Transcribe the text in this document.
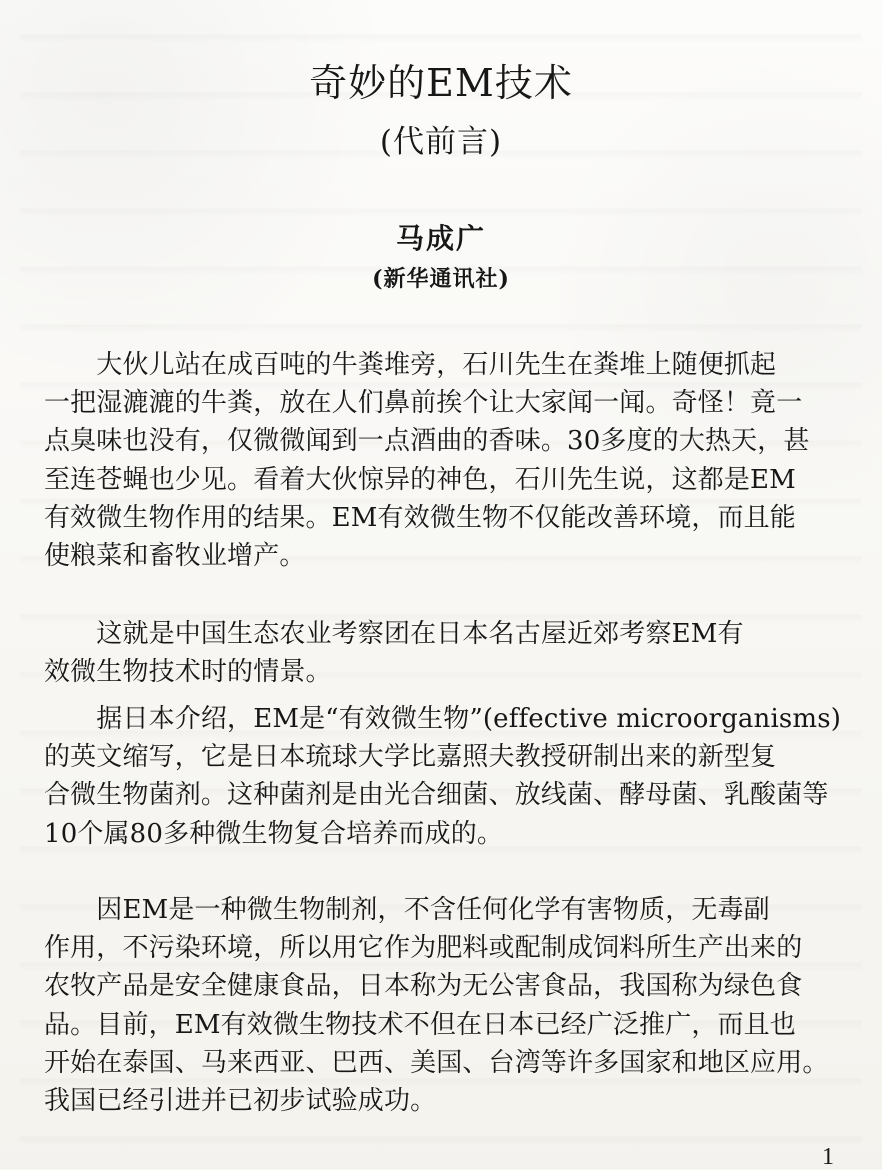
奇妙的EM技术
(代前言)
马成广
(新华通讯社)

　　大伙儿站在成百吨的牛粪堆旁，石川先生在粪堆上随便抓起
一把湿漉漉的牛粪，放在人们鼻前挨个让大家闻一闻。奇怪！竟一
点臭味也没有，仅微微闻到一点酒曲的香味。30多度的大热天，甚
至连苍蝇也少见。看着大伙惊异的神色，石川先生说，这都是EM
有效微生物作用的结果。EM有效微生物不仅能改善环境，而且能
使粮菜和畜牧业增产。

　　这就是中国生态农业考察团在日本名古屋近郊考察EM有
效微生物技术时的情景。

　　据日本介绍，EM是“有效微生物”(effective microorganisms)
的英文缩写，它是日本琉球大学比嘉照夫教授研制出来的新型复
合微生物菌剂。这种菌剂是由光合细菌、放线菌、酵母菌、乳酸菌等
10个属80多种微生物复合培养而成的。

　　因EM是一种微生物制剂，不含任何化学有害物质，无毒副
作用，不污染环境，所以用它作为肥料或配制成饲料所生产出来的
农牧产品是安全健康食品，日本称为无公害食品，我国称为绿色食
品。目前，EM有效微生物技术不但在日本已经广泛推广，而且也
开始在泰国、马来西亚、巴西、美国、台湾等许多国家和地区应用。
我国已经引进并已初步试验成功。

1
